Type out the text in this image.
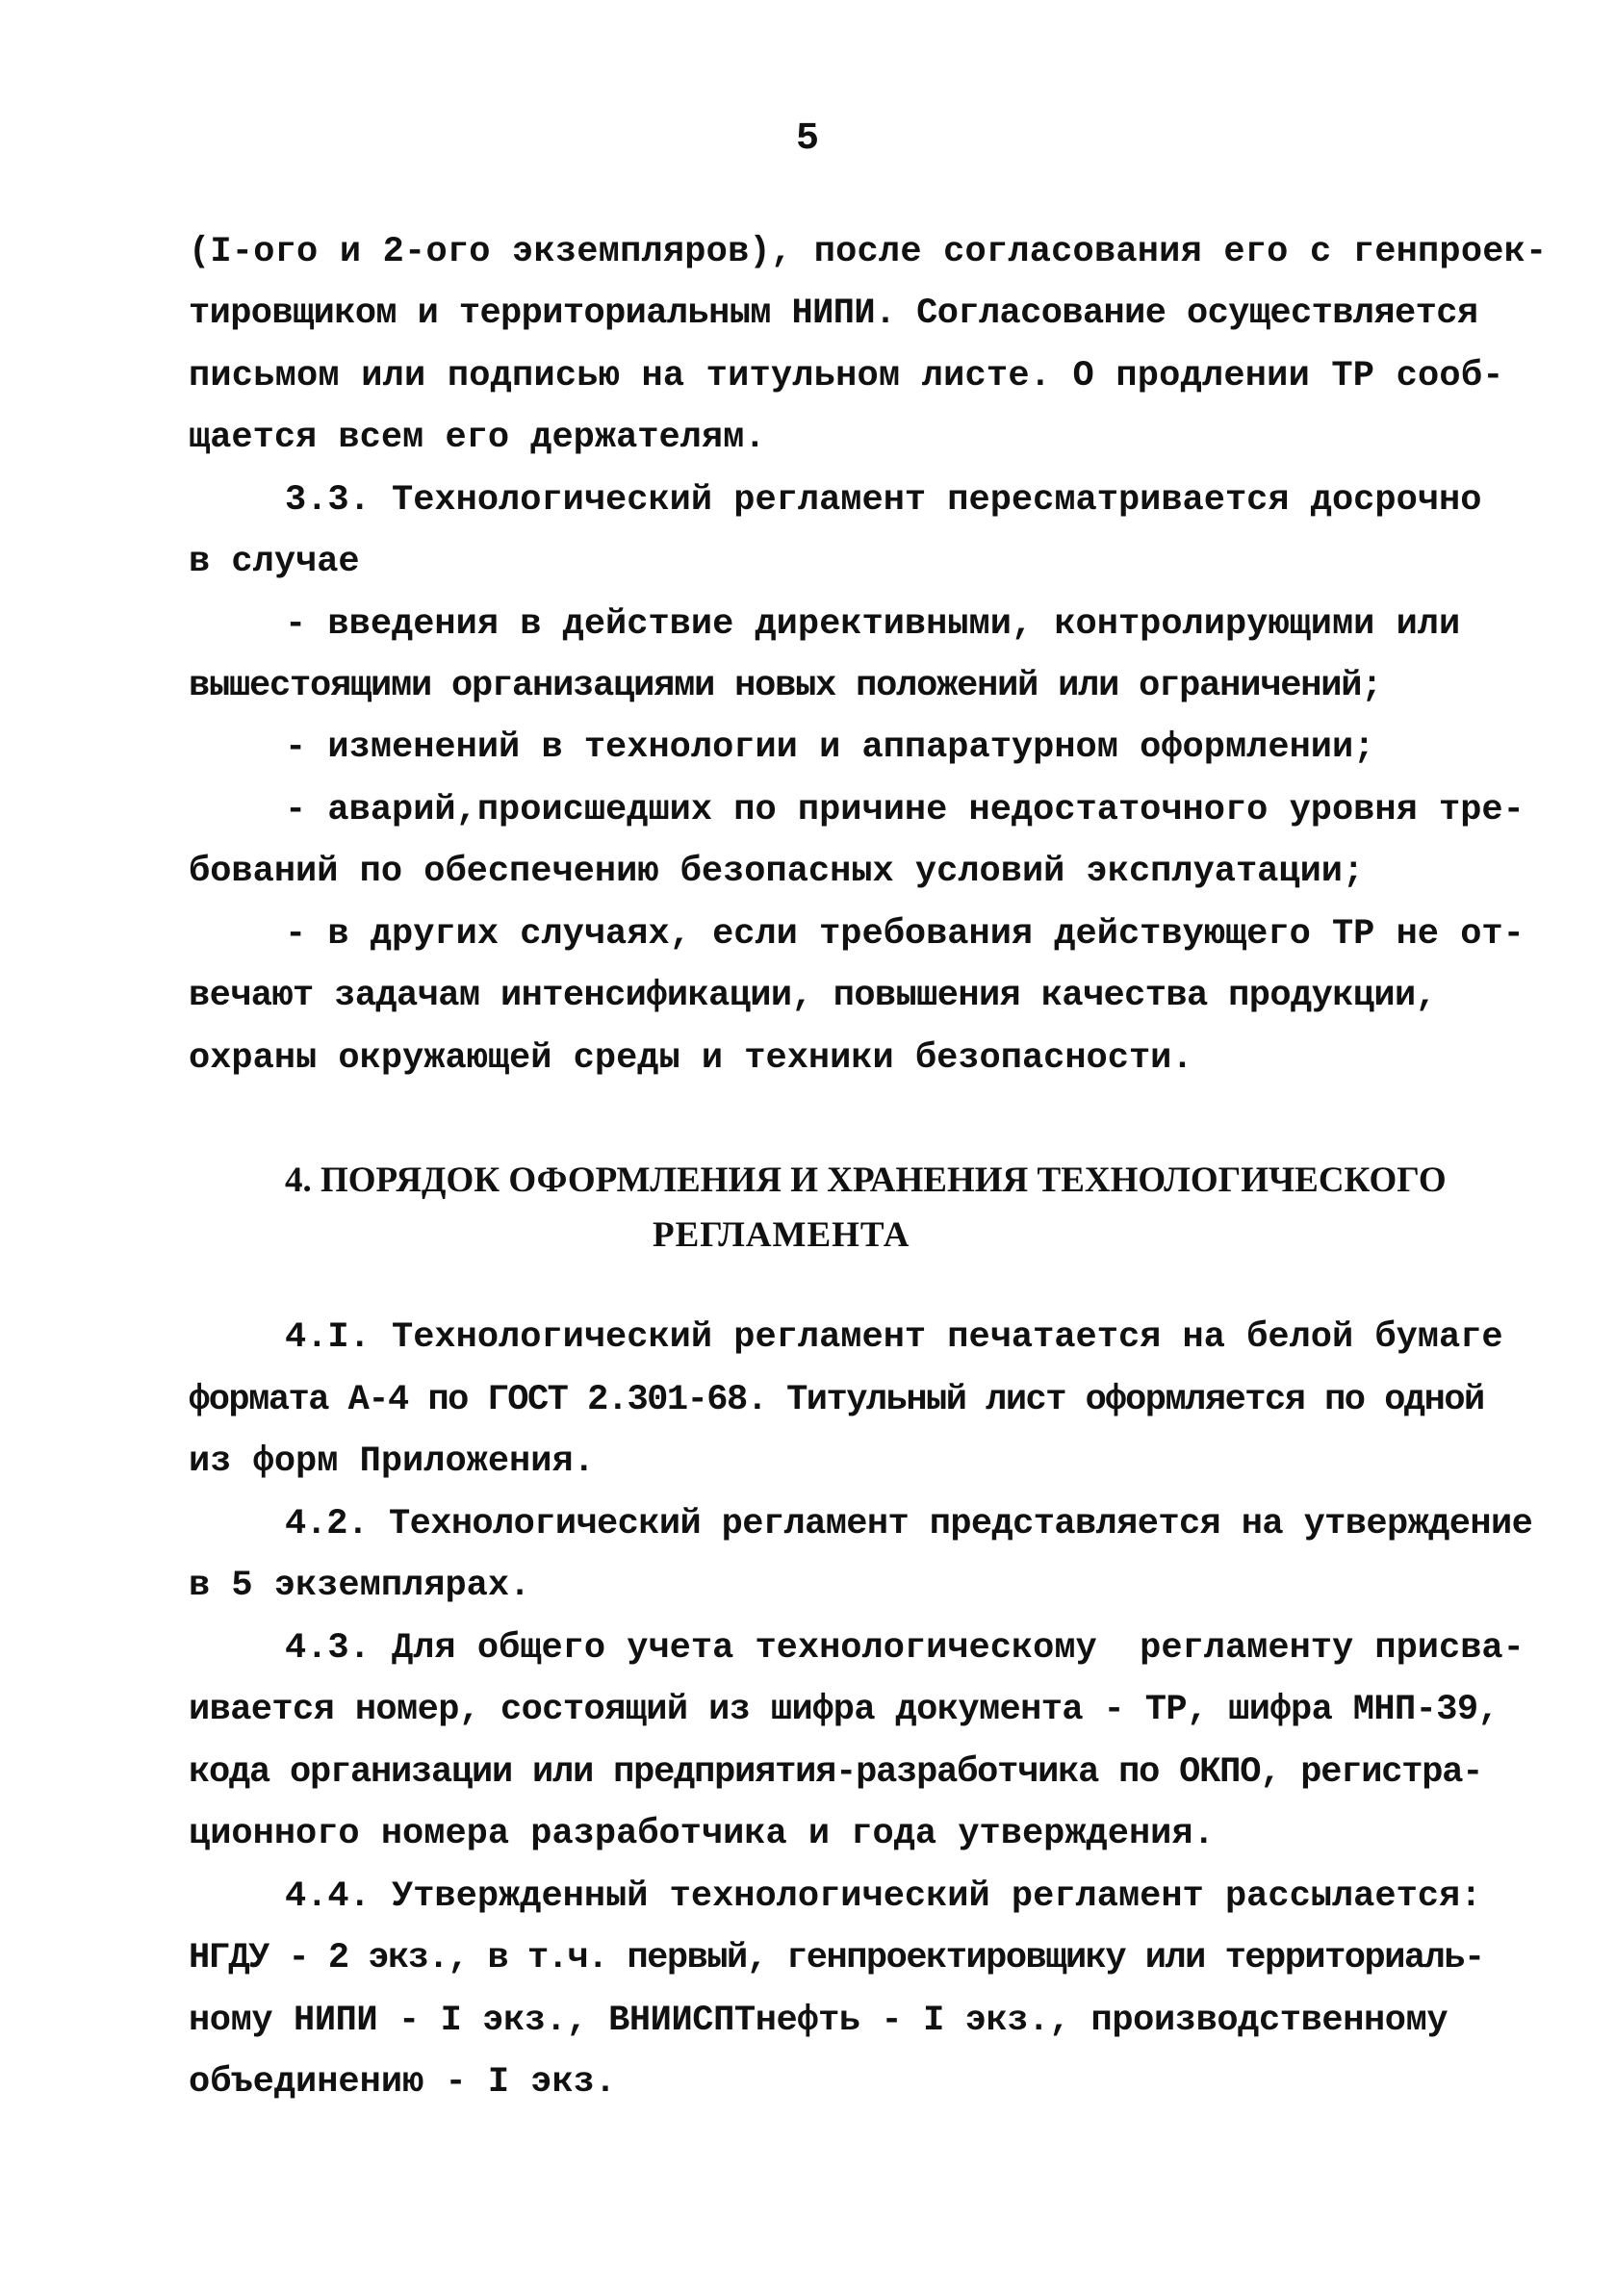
5
(I-ого и 2-ого экземпляров), после согласования его с генпроек-
тировщиком и территориальным НИПИ. Согласование осуществляется
письмом или подписью на титульном листе. О продлении ТР сооб-
щается всем его держателям.
3.3. Технологический регламент пересматривается досрочно
в случае
- введения в действие директивными, контролирующими или
вышестоящими организациями новых положений или ограничений;
- изменений в технологии и аппаратурном оформлении;
- аварий,происшедших по причине недостаточного уровня тре-
бований по обеспечению безопасных условий эксплуатации;
- в других случаях, если требования действующего ТР не от-
вечают задачам интенсификации, повышения качества продукции,
охраны окружающей среды и техники безопасности.
4. ПОРЯДОК ОФОРМЛЕНИЯ И ХРАНЕНИЯ ТЕХНОЛОГИЧЕСКОГО
РЕГЛАМЕНТА
4.I. Технологический регламент печатается на белой бумаге
формата А-4 по ГОСТ 2.301-68. Титульный лист оформляется по одной
из форм Приложения.
4.2. Технологический регламент представляется на утверждение
в 5 экземплярах.
4.3. Для общего учета технологическому  регламенту присва-
ивается номер, состоящий из шифра документа - ТР, шифра МНП-39,
кода организации или предприятия-разработчика по ОКПО, регистра-
ционного номера разработчика и года утверждения.
4.4. Утвержденный технологический регламент рассылается:
НГДУ - 2 экз., в т.ч. первый, генпроектировщику или территориаль-
ному НИПИ - I экз., ВНИИСПТнефть - I экз., производственному
объединению - I экз.
